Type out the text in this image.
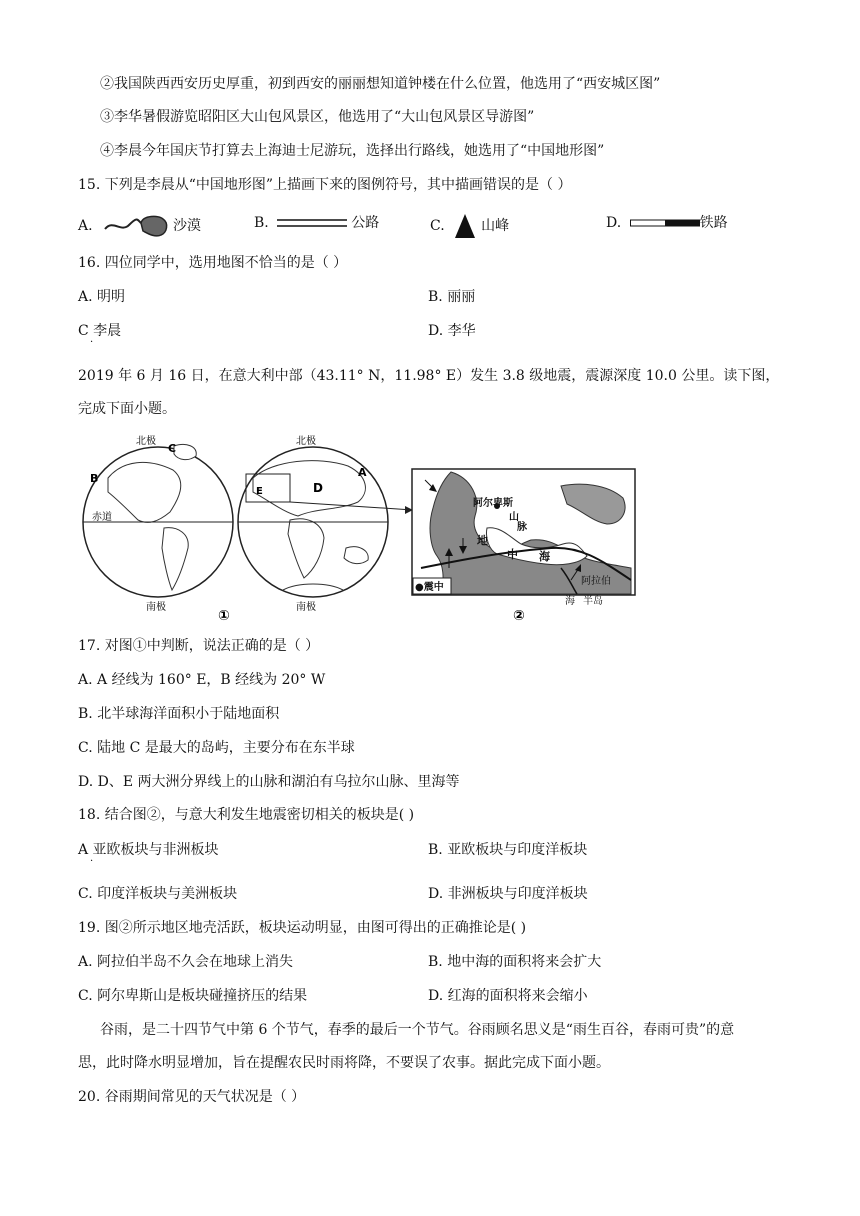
②我国陕西西安历史厚重，初到西安的丽丽想知道钟楼在什么位置，他选用了“西安城区图”
③李华暑假游览昭阳区大山包风景区，他选用了“大山包风景区导游图”
④李晨今年国庆节打算去上海迪士尼游玩，选择出行路线，她选用了“中国地形图”
15. 下列是李晨从“中国地形图”上描画下来的图例符号，其中描画错误的是（ ）
A.	沙漠	B.	公路	C.	山峰	D.	铁路
16. 四位同学中，选用地图不恰当的是（ ）
A. 明明	B. 丽丽
C 李晨
·
D. 李华
2019 年 6 月 16 日，在意大利中部（43.11° N，11.98° E）发生 3.8 级地震，震源深度 10.0 公里。读下图，
完成下面小题。
北极
C
B
赤道
南极
北极
A
E	D
南极
①
阿尔卑斯
山
脉
地
中 海
阿拉伯
海 半岛
●震中
②
17. 对图①中判断，说法正确的是（ ）
A. A 经线为 160° E，B 经线为 20° W
B. 北半球海洋面积小于陆地面积
C. 陆地 C 是最大的岛屿，主要分布在东半球
D. D、E 两大洲分界线上的山脉和湖泊有乌拉尔山脉、里海等
18. 结合图②，与意大利发生地震密切相关的板块是( )
A 亚欧板块与非洲板块
·
B. 亚欧板块与印度洋板块
C. 印度洋板块与美洲板块	D. 非洲板块与印度洋板块
19. 图②所示地区地壳活跃，板块运动明显，由图可得出的正确推论是( )
A. 阿拉伯半岛不久会在地球上消失	B. 地中海的面积将来会扩大
C. 阿尔卑斯山是板块碰撞挤压的结果	D. 红海的面积将来会缩小
谷雨，是二十四节气中第 6 个节气，春季的最后一个节气。谷雨顾名思义是“雨生百谷，春雨可贵”的意
思，此时降水明显增加，旨在提醒农民时雨将降，不要误了农事。据此完成下面小题。
20. 谷雨期间常见的天气状况是（ ）
